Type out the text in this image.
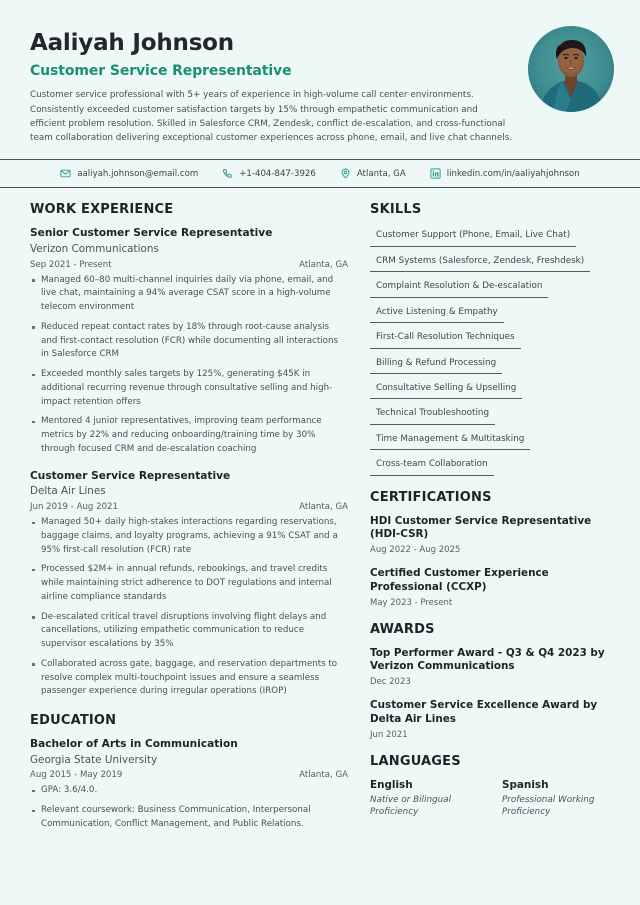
Aaliyah Johnson
Customer Service Representative
Customer service professional with 5+ years of experience in high-volume call center environments. Consistently exceeded customer satisfaction targets by 15% through empathetic communication and efficient problem resolution. Skilled in Salesforce CRM, Zendesk, conflict de-escalation, and cross-functional team collaboration delivering exceptional customer experiences across phone, email, and live chat channels.
aaliyah.johnson@email.com	+1-404-847-3926	Atlanta, GA	linkedin.com/in/aaliyahjohnson
WORK EXPERIENCE
Senior Customer Service Representative
Verizon Communications
Sep 2021 - Present	Atlanta, GA
Managed 60–80 multi-channel inquiries daily via phone, email, and live chat, maintaining a 94% average CSAT score in a high-volume telecom environment
Reduced repeat contact rates by 18% through root-cause analysis and first-contact resolution (FCR) while documenting all interactions in Salesforce CRM
Exceeded monthly sales targets by 125%, generating $45K in additional recurring revenue through consultative selling and high-impact retention offers
Mentored 4 junior representatives, improving team performance metrics by 22% and reducing onboarding/training time by 30% through focused CRM and de-escalation coaching
Customer Service Representative
Delta Air Lines
Jun 2019 - Aug 2021	Atlanta, GA
Managed 50+ daily high-stakes interactions regarding reservations, baggage claims, and loyalty programs, achieving a 91% CSAT and a 95% first-call resolution (FCR) rate
Processed $2M+ in annual refunds, rebookings, and travel credits while maintaining strict adherence to DOT regulations and internal airline compliance standards
De-escalated critical travel disruptions involving flight delays and cancellations, utilizing empathetic communication to reduce supervisor escalations by 35%
Collaborated across gate, baggage, and reservation departments to resolve complex multi-touchpoint issues and ensure a seamless passenger experience during irregular operations (IROP)
EDUCATION
Bachelor of Arts in Communication
Georgia State University
Aug 2015 - May 2019	Atlanta, GA
GPA: 3.6/4.0.
Relevant coursework: Business Communication, Interpersonal Communication, Conflict Management, and Public Relations.
SKILLS
Customer Support (Phone, Email, Live Chat)
CRM Systems (Salesforce, Zendesk, Freshdesk)
Complaint Resolution & De-escalation
Active Listening & Empathy
First-Call Resolution Techniques
Billing & Refund Processing
Consultative Selling & Upselling
Technical Troubleshooting
Time Management & Multitasking
Cross-team Collaboration
CERTIFICATIONS
HDI Customer Service Representative (HDI-CSR)
Aug 2022 - Aug 2025
Certified Customer Experience Professional (CCXP)
May 2023 - Present
AWARDS
Top Performer Award - Q3 & Q4 2023 by Verizon Communications
Dec 2023
Customer Service Excellence Award by Delta Air Lines
Jun 2021
LANGUAGES
English
Native or Bilingual Proficiency
Spanish
Professional Working Proficiency
